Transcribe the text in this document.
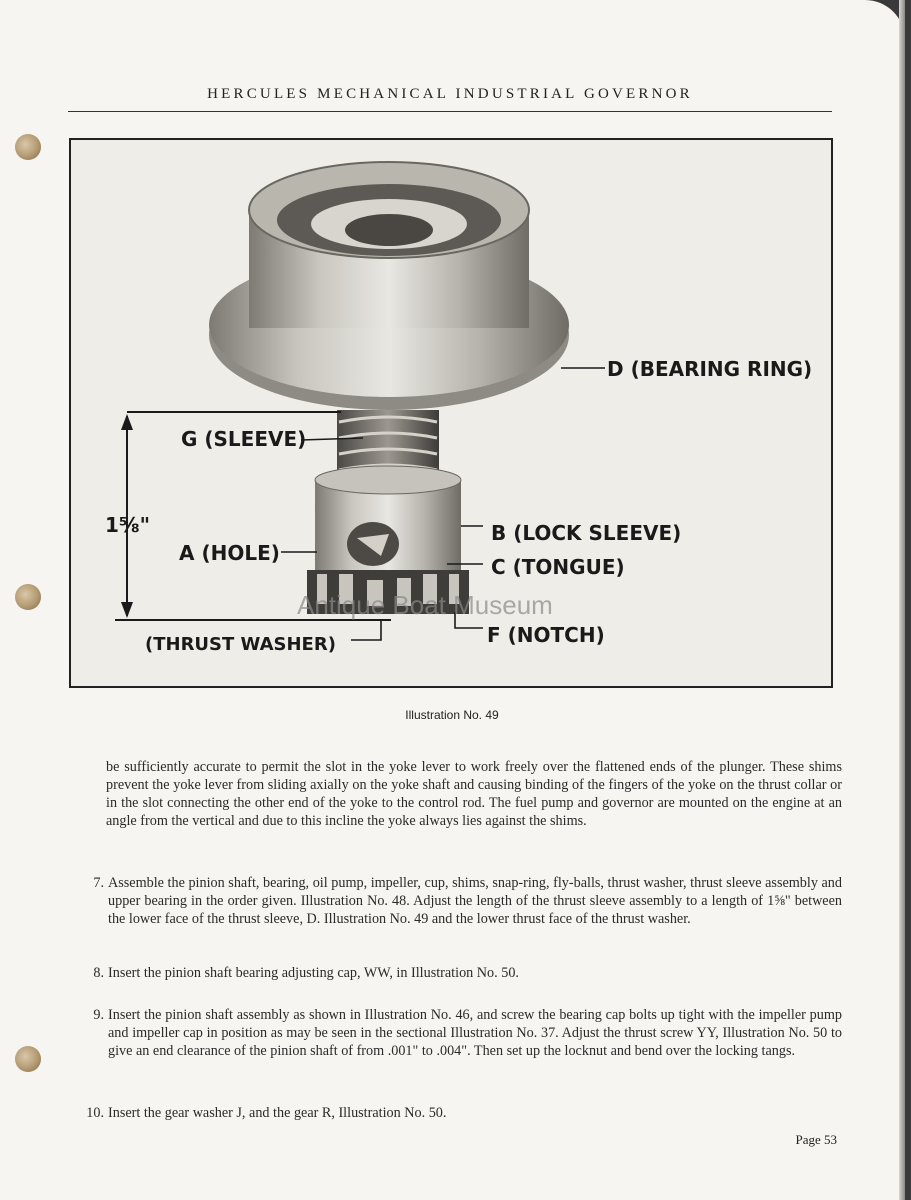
HERCULES MECHANICAL INDUSTRIAL GOVERNOR
1⅝"
D (BEARING RING)
G (SLEEVE)
B (LOCK SLEEVE)
A (HOLE)
C (TONGUE)
F (NOTCH)
(THRUST WASHER)
Antique Boat Museum
Illustration No. 49

be sufficiently accurate to permit the slot in the yoke lever to work freely over the flattened ends of the plunger. These shims prevent the yoke lever from sliding axially on the yoke shaft and causing binding of the fingers of the yoke on the thrust collar or in the slot connecting the other end of the yoke to the control rod. The fuel pump and governor are mounted on the engine at an angle from the vertical and due to this incline the yoke always lies against the shims.

7. Assemble the pinion shaft, bearing, oil pump, impeller, cup, shims, snap-ring, fly-balls, thrust washer, thrust sleeve assembly and upper bearing in the order given. Illustration No. 48. Adjust the length of the thrust sleeve assembly to a length of 1⅝" between the lower face of the thrust sleeve, D. Illustration No. 49 and the lower thrust face of the thrust washer.

8. Insert the pinion shaft bearing adjusting cap, WW, in Illustration No. 50.

9. Insert the pinion shaft assembly as shown in Illustration No. 46, and screw the bearing cap bolts up tight with the impeller pump and impeller cap in position as may be seen in the sectional Illustration No. 37. Adjust the thrust screw YY, Illustration No. 50 to give an end clearance of the pinion shaft of from .001" to .004". Then set up the locknut and bend over the locking tangs.

10. Insert the gear washer J, and the gear R, Illustration No. 50.

Page 53
